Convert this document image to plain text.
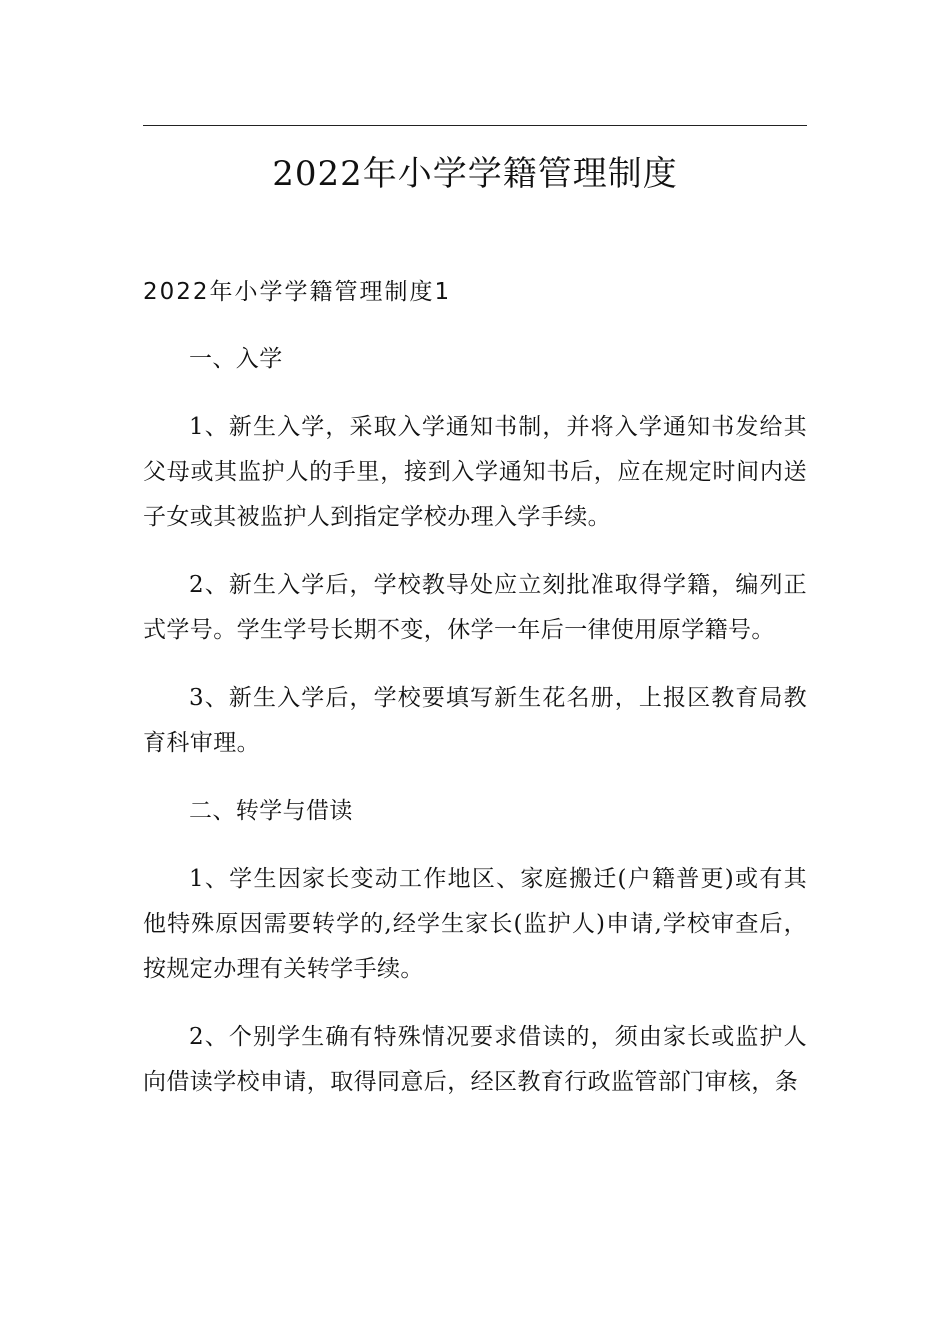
2022年小学学籍管理制度
2022年小学学籍管理制度1

一、入学

1、新生入学，采取入学通知书制，并将入学通知书发给其父母或其监护人的手里，接到入学通知书后，应在规定时间内送子女或其被监护人到指定学校办理入学手续。

2、新生入学后，学校教导处应立刻批准取得学籍，编列正式学号。学生学号长期不变，休学一年后一律使用原学籍号。

3、新生入学后，学校要填写新生花名册，上报区教育局教育科审理。

二、转学与借读

1、学生因家长变动工作地区、家庭搬迁(户籍普更)或有其他特殊原因需要转学的,经学生家长(监护人)申请,学校审查后，按规定办理有关转学手续。

2、个别学生确有特殊情况要求借读的，须由家长或监护人向借读学校申请，取得同意后，经区教育行政监管部门审核，条
